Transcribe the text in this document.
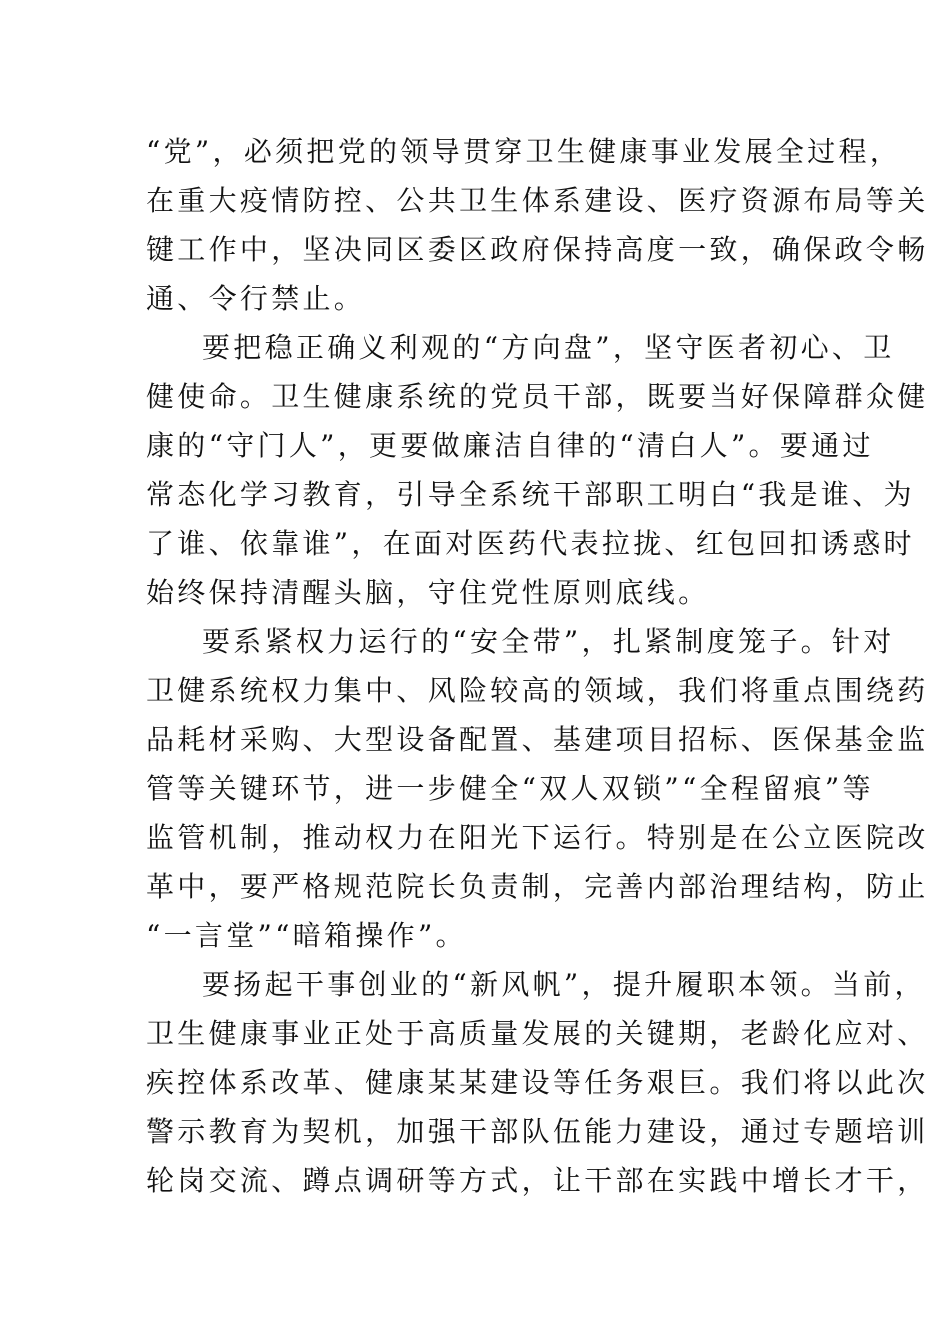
“党”，必须把党的领导贯穿卫生健康事业发展全过程，
在重大疫情防控、公共卫生体系建设、医疗资源布局等关
键工作中，坚决同区委区政府保持高度一致，确保政令畅
通、令行禁止。
要把稳正确义利观的“方向盘”，坚守医者初心、卫
健使命。卫生健康系统的党员干部，既要当好保障群众健
康的“守门人”，更要做廉洁自律的“清白人”。要通过
常态化学习教育，引导全系统干部职工明白“我是谁、为
了谁、依靠谁”，在面对医药代表拉拢、红包回扣诱惑时
始终保持清醒头脑，守住党性原则底线。
要系紧权力运行的“安全带”，扎紧制度笼子。针对
卫健系统权力集中、风险较高的领域，我们将重点围绕药
品耗材采购、大型设备配置、基建项目招标、医保基金监
管等关键环节，进一步健全“双人双锁”“全程留痕”等
监管机制，推动权力在阳光下运行。特别是在公立医院改
革中，要严格规范院长负责制，完善内部治理结构，防止
“一言堂”“暗箱操作”。
要扬起干事创业的“新风帆”，提升履职本领。当前，
卫生健康事业正处于高质量发展的关键期，老龄化应对、
疾控体系改革、健康某某建设等任务艰巨。我们将以此次
警示教育为契机，加强干部队伍能力建设，通过专题培训
轮岗交流、蹲点调研等方式，让干部在实践中增长才干，
